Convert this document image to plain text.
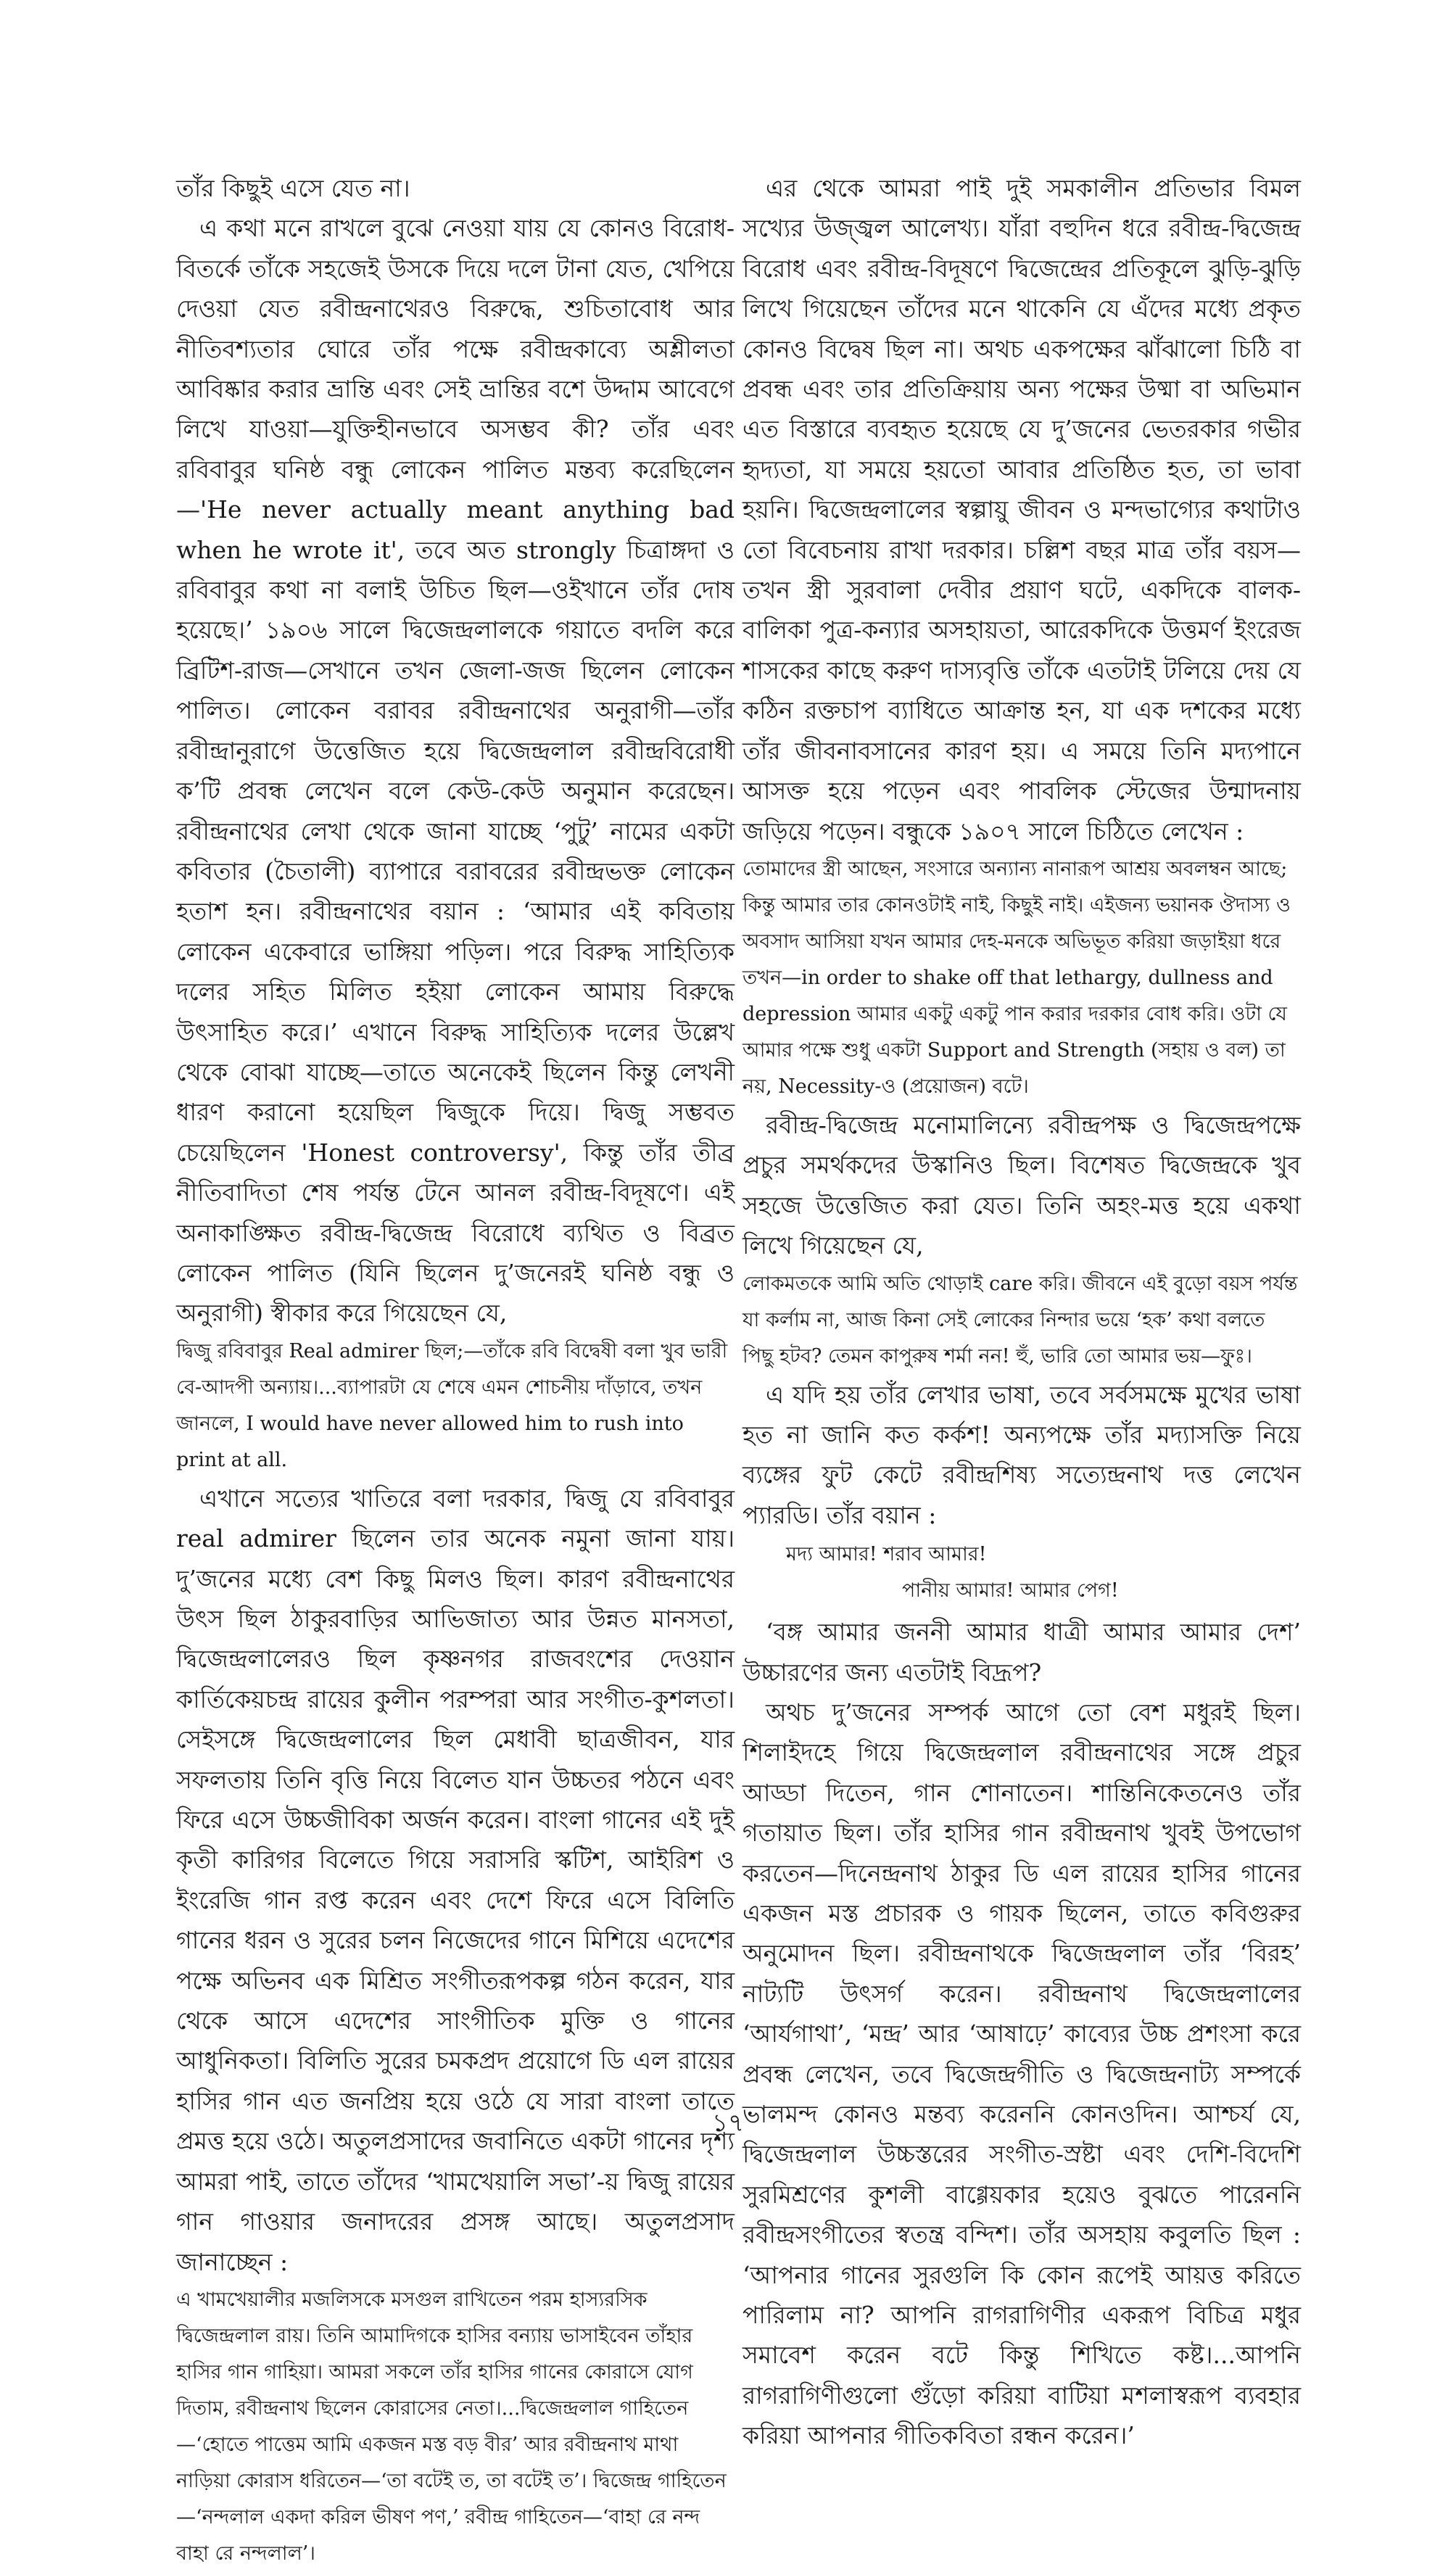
তাঁর কিছুই এসে যেত না।

এ কথা মনে রাখলে বুঝে নেওয়া যায় যে কোনও বিরোধ-বিতর্কে তাঁকে সহজেই উসকে দিয়ে দলে টানা যেত, খেপিয়ে দেওয়া যেত রবীন্দ্রনাথেরও বিরুদ্ধে, শুচিতাবোধ আর নীতিবশ্যতার ঘোরে তাঁর পক্ষে রবীন্দ্রকাব্যে অশ্লীলতা আবিষ্কার করার ভ্রান্তি এবং সেই ভ্রান্তির বশে উদ্দাম আবেগে লিখে যাওয়া—যুক্তিহীনভাবে অসম্ভব কী? তাঁর এবং রবিবাবুর ঘনিষ্ঠ বন্ধু লোকেন পালিত মন্তব্য করেছিলেন—'He never actually meant anything bad when he wrote it', তবে অত strongly চিত্রাঙ্গদা ও রবিবাবুর কথা না বলাই উচিত ছিল—ওইখানে তাঁর দোষ হয়েছে।’ ১৯০৬ সালে দ্বিজেন্দ্রলালকে গয়াতে বদলি করে ব্রিটিশ-রাজ—সেখানে তখন জেলা-জজ ছিলেন লোকেন পালিত। লোকেন বরাবর রবীন্দ্রনাথের অনুরাগী—তাঁর রবীন্দ্রানুরাগে উত্তেজিত হয়ে দ্বিজেন্দ্রলাল রবীন্দ্রবিরোধী ক’টি প্রবন্ধ লেখেন বলে কেউ-কেউ অনুমান করেছেন। রবীন্দ্রনাথের লেখা থেকে জানা যাচ্ছে ‘পুটু’ নামের একটা কবিতার (চৈতালী) ব্যাপারে বরাবরের রবীন্দ্রভক্ত লোকেন হতাশ হন। রবীন্দ্রনাথের বয়ান : ‘আমার এই কবিতায় লোকেন একেবারে ভাঙ্গিয়া পড়িল। পরে বিরুদ্ধ সাহিত্যিক দলের সহিত মিলিত হইয়া লোকেন আমায় বিরুদ্ধে উৎসাহিত করে।’ এখানে বিরুদ্ধ সাহিত্যিক দলের উল্লেখ থেকে বোঝা যাচ্ছে—তাতে অনেকেই ছিলেন কিন্তু লেখনী ধারণ করানো হয়েছিল দ্বিজুকে দিয়ে। দ্বিজু সম্ভবত চেয়েছিলেন 'Honest controversy', কিন্তু তাঁর তীব্র নীতিবাদিতা শেষ পর্যন্ত টেনে আনল রবীন্দ্র-বিদূষণে। এই অনাকাঙ্ক্ষিত রবীন্দ্র-দ্বিজেন্দ্র বিরোধে ব্যথিত ও বিব্রত লোকেন পালিত (যিনি ছিলেন দু’জনেরই ঘনিষ্ঠ বন্ধু ও অনুরাগী) স্বীকার করে গিয়েছেন যে,

দ্বিজু রবিবাবুর Real admirer ছিল;—তাঁকে রবি বিদ্বেষী বলা খুব ভারী বে-আদপী অন্যায়।...ব্যাপারটা যে শেষে এমন শোচনীয় দাঁড়াবে, তখন জানলে, I would have never allowed him to rush into print at all.

এখানে সত্যের খাতিরে বলা দরকার, দ্বিজু যে রবিবাবুর real admirer ছিলেন তার অনেক নমুনা জানা যায়। দু’জনের মধ্যে বেশ কিছু মিলও ছিল। কারণ রবীন্দ্রনাথের উৎস ছিল ঠাকুরবাড়ির আভিজাত্য আর উন্নত মানসতা, দ্বিজেন্দ্রলালেরও ছিল কৃষ্ণনগর রাজবংশের দেওয়ান কার্তিকেয়চন্দ্র রায়ের কুলীন পরম্পরা আর সংগীত-কুশলতা। সেইসঙ্গে দ্বিজেন্দ্রলালের ছিল মেধাবী ছাত্রজীবন, যার সফলতায় তিনি বৃত্তি নিয়ে বিলেত যান উচ্চতর পঠনে এবং ফিরে এসে উচ্চজীবিকা অর্জন করেন। বাংলা গানের এই দুই কৃতী কারিগর বিলেতে গিয়ে সরাসরি স্কটিশ, আইরিশ ও ইংরেজি গান রপ্ত করেন এবং দেশে ফিরে এসে বিলিতি গানের ধরন ও সুরের চলন নিজেদের গানে মিশিয়ে এদেশের পক্ষে অভিনব এক মিশ্রিত সংগীতরূপকল্প গঠন করেন, যার থেকে আসে এদেশের সাংগীতিক মুক্তি ও গানের আধুনিকতা। বিলিতি সুরের চমকপ্রদ প্রয়োগে ডি এল রায়ের হাসির গান এত জনপ্রিয় হয়ে ওঠে যে সারা বাংলা তাতে প্রমত্ত হয়ে ওঠে। অতুলপ্রসাদের জবানিতে একটা গানের দৃশ্য আমরা পাই, তাতে তাঁদের ‘খামখেয়ালি সভা’-য় দ্বিজু রায়ের গান গাওয়ার জনাদরের প্রসঙ্গ আছে। অতুলপ্রসাদ জানাচ্ছেন :

এ খামখেয়ালীর মজলিসকে মসগুল রাখিতেন পরম হাস্যরসিক দ্বিজেন্দ্রলাল রায়। তিনি আমাদিগকে হাসির বন্যায় ভাসাইবেন তাঁহার হাসির গান গাহিয়া। আমরা সকলে তাঁর হাসির গানের কোরাসে যোগ দিতাম, রবীন্দ্রনাথ ছিলেন কোরাসের নেতা।...দ্বিজেন্দ্রলাল গাহিতেন—‘হোতে পাত্তেম আমি একজন মস্ত বড় বীর’ আর রবীন্দ্রনাথ মাথা নাড়িয়া কোরাস ধরিতেন—‘তা বটেই ত, তা বটেই ত’। দ্বিজেন্দ্র গাহিতেন—‘নন্দলাল একদা করিল ভীষণ পণ,’ রবীন্দ্র গাহিতেন—‘বাহা রে নন্দ বাহা রে নন্দলাল’।

এর থেকে আমরা পাই দুই সমকালীন প্রতিভার বিমল সখ্যের উজ্জ্বল আলেখ্য। যাঁরা বহুদিন ধরে রবীন্দ্র-দ্বিজেন্দ্র বিরোধ এবং রবীন্দ্র-বিদূষণে দ্বিজেন্দ্রের প্রতিকূলে ঝুড়ি-ঝুড়ি লিখে গিয়েছেন তাঁদের মনে থাকেনি যে এঁদের মধ্যে প্রকৃত কোনও বিদ্বেষ ছিল না। অথচ একপক্ষের ঝাঁঝালো চিঠি বা প্রবন্ধ এবং তার প্রতিক্রিয়ায় অন্য পক্ষের উষ্মা বা অভিমান এত বিস্তারে ব্যবহৃত হয়েছে যে দু’জনের ভেতরকার গভীর হৃদ্যতা, যা সময়ে হয়তো আবার প্রতিষ্ঠিত হত, তা ভাবা হয়নি। দ্বিজেন্দ্রলালের স্বল্পায়ু জীবন ও মন্দভাগ্যের কথাটাও তো বিবেচনায় রাখা দরকার। চল্লিশ বছর মাত্র তাঁর বয়স—তখন স্ত্রী সুরবালা দেবীর প্রয়াণ ঘটে, একদিকে বালক-বালিকা পুত্র-কন্যার অসহায়তা, আরেকদিকে উত্তমর্ণ ইংরেজ শাসকের কাছে করুণ দাস্যবৃত্তি তাঁকে এতটাই টলিয়ে দেয় যে কঠিন রক্তচাপ ব্যাধিতে আক্রান্ত হন, যা এক দশকের মধ্যে তাঁর জীবনাবসানের কারণ হয়। এ সময়ে তিনি মদ্যপানে আসক্ত হয়ে পড়েন এবং পাবলিক স্টেজের উন্মাদনায় জড়িয়ে পড়েন। বন্ধুকে ১৯০৭ সালে চিঠিতে লেখেন :

তোমাদের স্ত্রী আছেন, সংসারে অন্যান্য নানারূপ আশ্রয় অবলম্বন আছে; কিন্তু আমার তার কোনওটাই নাই, কিছুই নাই। এইজন্য ভয়ানক ঔদাস্য ও অবসাদ আসিয়া যখন আমার দেহ-মনকে অভিভূত করিয়া জড়াইয়া ধরে তখন—in order to shake off that lethargy, dullness and depression আমার একটু একটু পান করার দরকার বোধ করি। ওটা যে আমার পক্ষে শুধু একটা Support and Strength (সহায় ও বল) তা নয়, Necessity-ও (প্রয়োজন) বটে।

রবীন্দ্র-দ্বিজেন্দ্র মনোমালিন্যে রবীন্দ্রপক্ষ ও দ্বিজেন্দ্রপক্ষে প্রচুর সমর্থকদের উস্কানিও ছিল। বিশেষত দ্বিজেন্দ্রকে খুব সহজে উত্তেজিত করা যেত। তিনি অহং-মত্ত হয়ে একথা লিখে গিয়েছেন যে,

লোকমতকে আমি অতি থোড়াই care করি। জীবনে এই বুড়ো বয়স পর্যন্ত যা কর্লাম না, আজ কিনা সেই লোকের নিন্দার ভয়ে ‘হক’ কথা বলতে পিছু হটব? তেমন কাপুরুষ শর্মা নন! হুঁ, ভারি তো আমার ভয়—ফুঃ।

এ যদি হয় তাঁর লেখার ভাষা, তবে সর্বসমক্ষে মুখের ভাষা হত না জানি কত কর্কশ! অন্যপক্ষে তাঁর মদ্যাসক্তি নিয়ে ব্যঙ্গের ফুট কেটে রবীন্দ্রশিষ্য সত্যেন্দ্রনাথ দত্ত লেখেন প্যারডি। তাঁর বয়ান :

মদ্য আমার! শরাব আমার!
পানীয় আমার! আমার পেগ!

‘বঙ্গ আমার জননী আমার ধাত্রী আমার আমার দেশ’ উচ্চারণের জন্য এতটাই বিদ্রূপ?

অথচ দু’জনের সম্পর্ক আগে তো বেশ মধুরই ছিল। শিলাইদহে গিয়ে দ্বিজেন্দ্রলাল রবীন্দ্রনাথের সঙ্গে প্রচুর আড্ডা দিতেন, গান শোনাতেন। শান্তিনিকেতনেও তাঁর গতায়াত ছিল। তাঁর হাসির গান রবীন্দ্রনাথ খুবই উপভোগ করতেন—দিনেন্দ্রনাথ ঠাকুর ডি এল রায়ের হাসির গানের একজন মস্ত প্রচারক ও গায়ক ছিলেন, তাতে কবিগুরুর অনুমোদন ছিল। রবীন্দ্রনাথকে দ্বিজেন্দ্রলাল তাঁর ‘বিরহ’ নাট্যটি উৎসর্গ করেন। রবীন্দ্রনাথ দ্বিজেন্দ্রলালের ‘আর্যগাথা’, ‘মন্দ্র’ আর ‘আষাঢ়ে’ কাব্যের উচ্চ প্রশংসা করে প্রবন্ধ লেখেন, তবে দ্বিজেন্দ্রগীতি ও দ্বিজেন্দ্রনাট্য সম্পর্কে ভালমন্দ কোনও মন্তব্য করেননি কোনওদিন। আশ্চর্য যে, দ্বিজেন্দ্রলাল উচ্চস্তরের সংগীত-স্রষ্টা এবং দেশি-বিদেশি সুরমিশ্রণের কুশলী বাগ্গেয়কার হয়েও বুঝতে পারেননি রবীন্দ্রসংগীতের স্বতন্ত্র বন্দিশ। তাঁর অসহায় কবুলতি ছিল : ‘আপনার গানের সুরগুলি কি কোন রূপেই আয়ত্ত করিতে পারিলাম না? আপনি রাগরাগিণীর একরূপ বিচিত্র মধুর সমাবেশ করেন বটে কিন্তু শিখিতে কষ্ট।...আপনি রাগরাগিণীগুলো গুঁড়ো করিয়া বাটিয়া মশলাস্বরূপ ব্যবহার করিয়া আপনার গীতিকবিতা রন্ধন করেন।’

১৭
